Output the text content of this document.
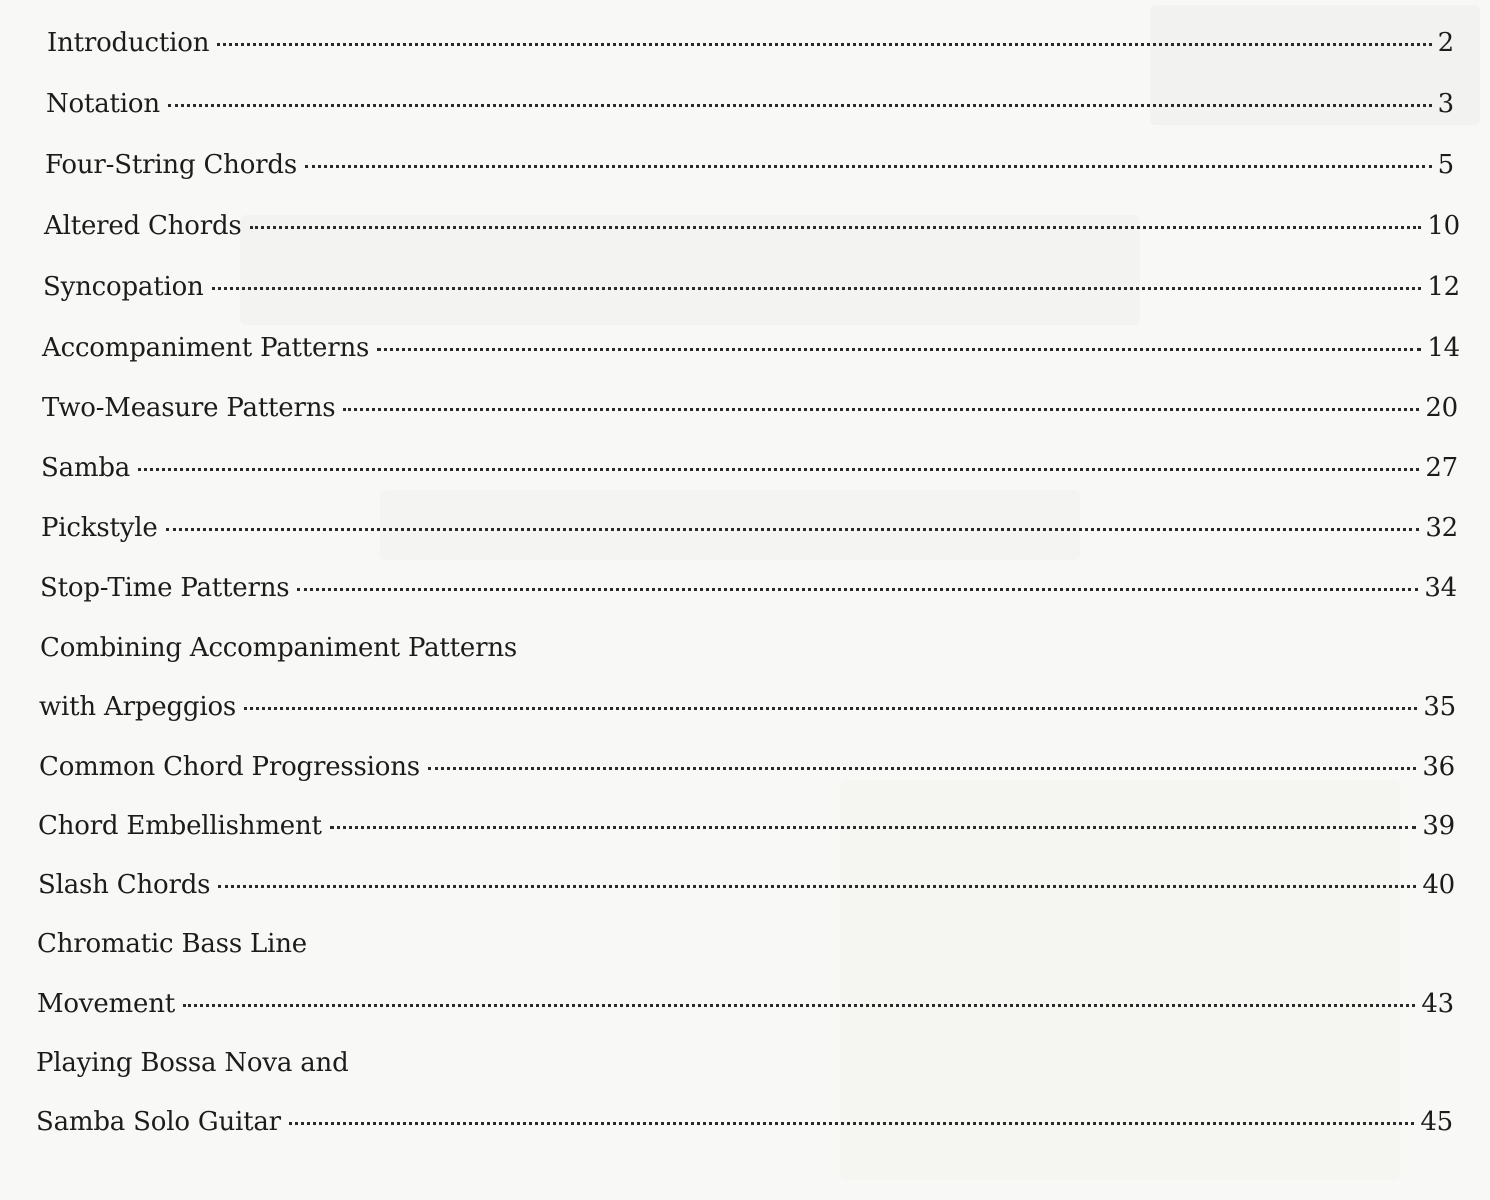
Introduction	2
Notation	3
Four-String Chords	5
Altered Chords	10
Syncopation	12
Accompaniment Patterns	14
Two-Measure Patterns	20
Samba	27
Pickstyle	32
Stop-Time Patterns	34
Combining Accompaniment Patterns
with Arpeggios	35
Common Chord Progressions	36
Chord Embellishment	39
Slash Chords	40
Chromatic Bass Line
Movement	43
Playing Bossa Nova and
Samba Solo Guitar	45
